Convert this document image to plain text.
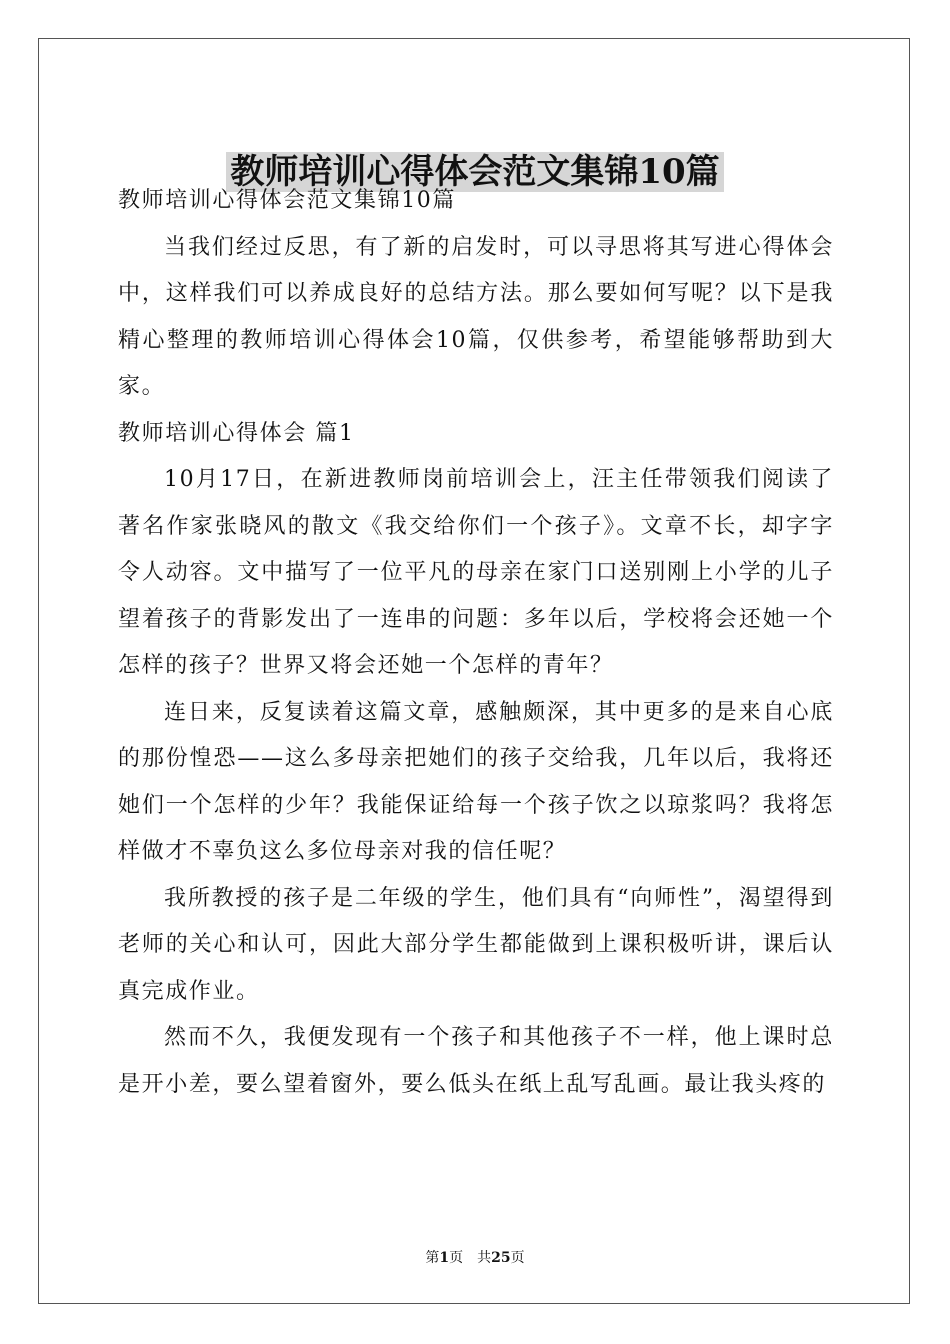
教师培训心得体会范文集锦10篇

教师培训心得体会范文集锦10篇

当我们经过反思，有了新的启发时，可以寻思将其写进心得体会中，这样我们可以养成良好的总结方法。那么要如何写呢？以下是我精心整理的教师培训心得体会10篇，仅供参考，希望能够帮助到大家。

教师培训心得体会 篇1

10月17日，在新进教师岗前培训会上，汪主任带领我们阅读了著名作家张晓风的散文《我交给你们一个孩子》。文章不长，却字字令人动容。文中描写了一位平凡的母亲在家门口送别刚上小学的儿子望着孩子的背影发出了一连串的问题：多年以后，学校将会还她一个怎样的孩子？世界又将会还她一个怎样的青年？

连日来，反复读着这篇文章，感触颇深，其中更多的是来自心底的那份惶恐——这么多母亲把她们的孩子交给我，几年以后，我将还她们一个怎样的少年？我能保证给每一个孩子饮之以琼浆吗？我将怎样做才不辜负这么多位母亲对我的信任呢？

我所教授的孩子是二年级的学生，他们具有“向师性”，渴望得到老师的关心和认可，因此大部分学生都能做到上课积极听讲，课后认真完成作业。

然而不久，我便发现有一个孩子和其他孩子不一样，他上课时总是开小差，要么望着窗外，要么低头在纸上乱写乱画。最让我头疼的

第1页 共25页
